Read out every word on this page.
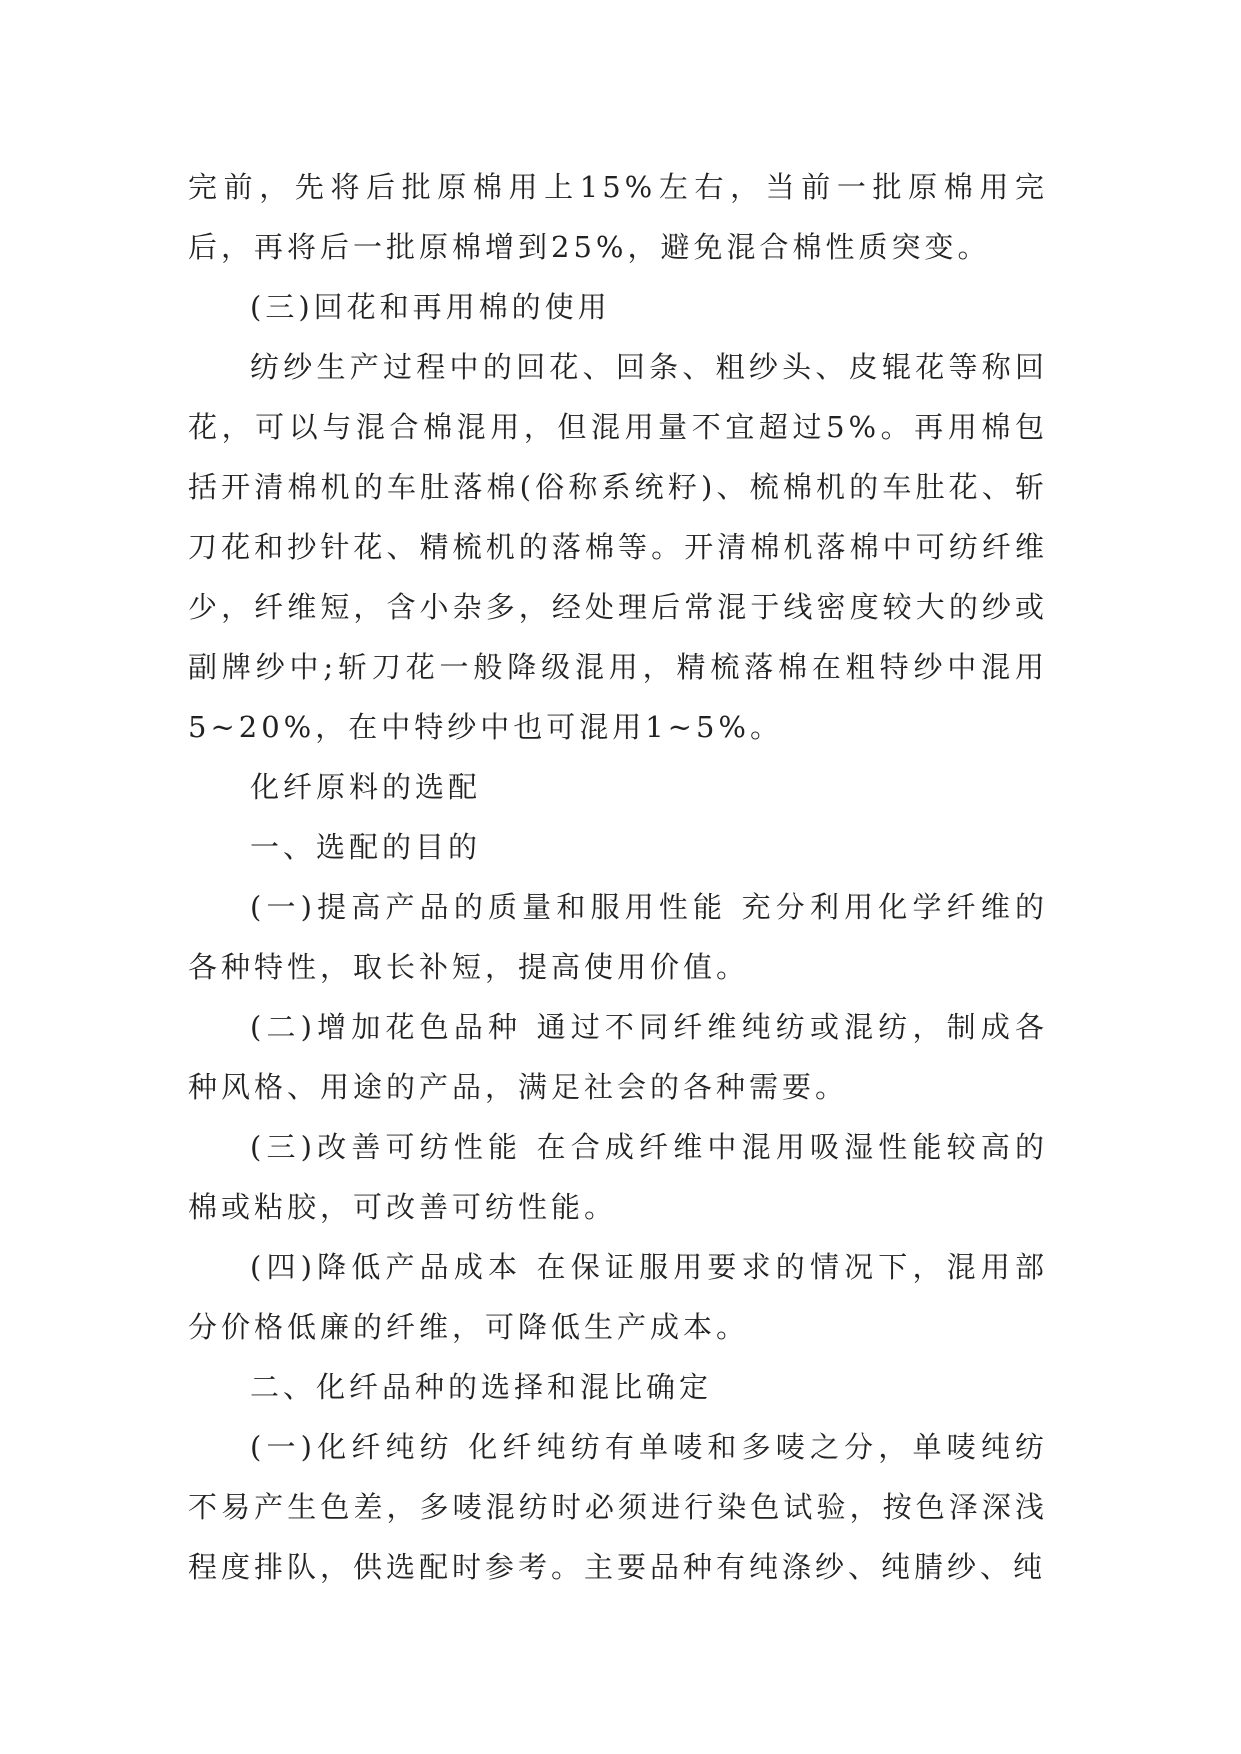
完前，先将后批原棉用上15%左右，当前一批原棉用完后，再将后一批原棉增到25%，避免混合棉性质突变。

(三)回花和再用棉的使用

纺纱生产过程中的回花、回条、粗纱头、皮辊花等称回花，可以与混合棉混用，但混用量不宜超过5%。再用棉包括开清棉机的车肚落棉(俗称系统籽)、梳棉机的车肚花、斩刀花和抄针花、精梳机的落棉等。开清棉机落棉中可纺纤维少，纤维短，含小杂多，经处理后常混于线密度较大的纱或副牌纱中;斩刀花一般降级混用，精梳落棉在粗特纱中混用5~20%，在中特纱中也可混用1~5%。

化纤原料的选配

一、选配的目的

(一)提高产品的质量和服用性能 充分利用化学纤维的各种特性，取长补短，提高使用价值。

(二)增加花色品种 通过不同纤维纯纺或混纺，制成各种风格、用途的产品，满足社会的各种需要。

(三)改善可纺性能 在合成纤维中混用吸湿性能较高的棉或粘胶，可改善可纺性能。

(四)降低产品成本 在保证服用要求的情况下，混用部分价格低廉的纤维，可降低生产成本。

二、化纤品种的选择和混比确定

(一)化纤纯纺 化纤纯纺有单唛和多唛之分，单唛纯纺不易产生色差，多唛混纺时必须进行染色试验，按色泽深浅程度排队，供选配时参考。主要品种有纯涤纱、纯腈纱、纯
